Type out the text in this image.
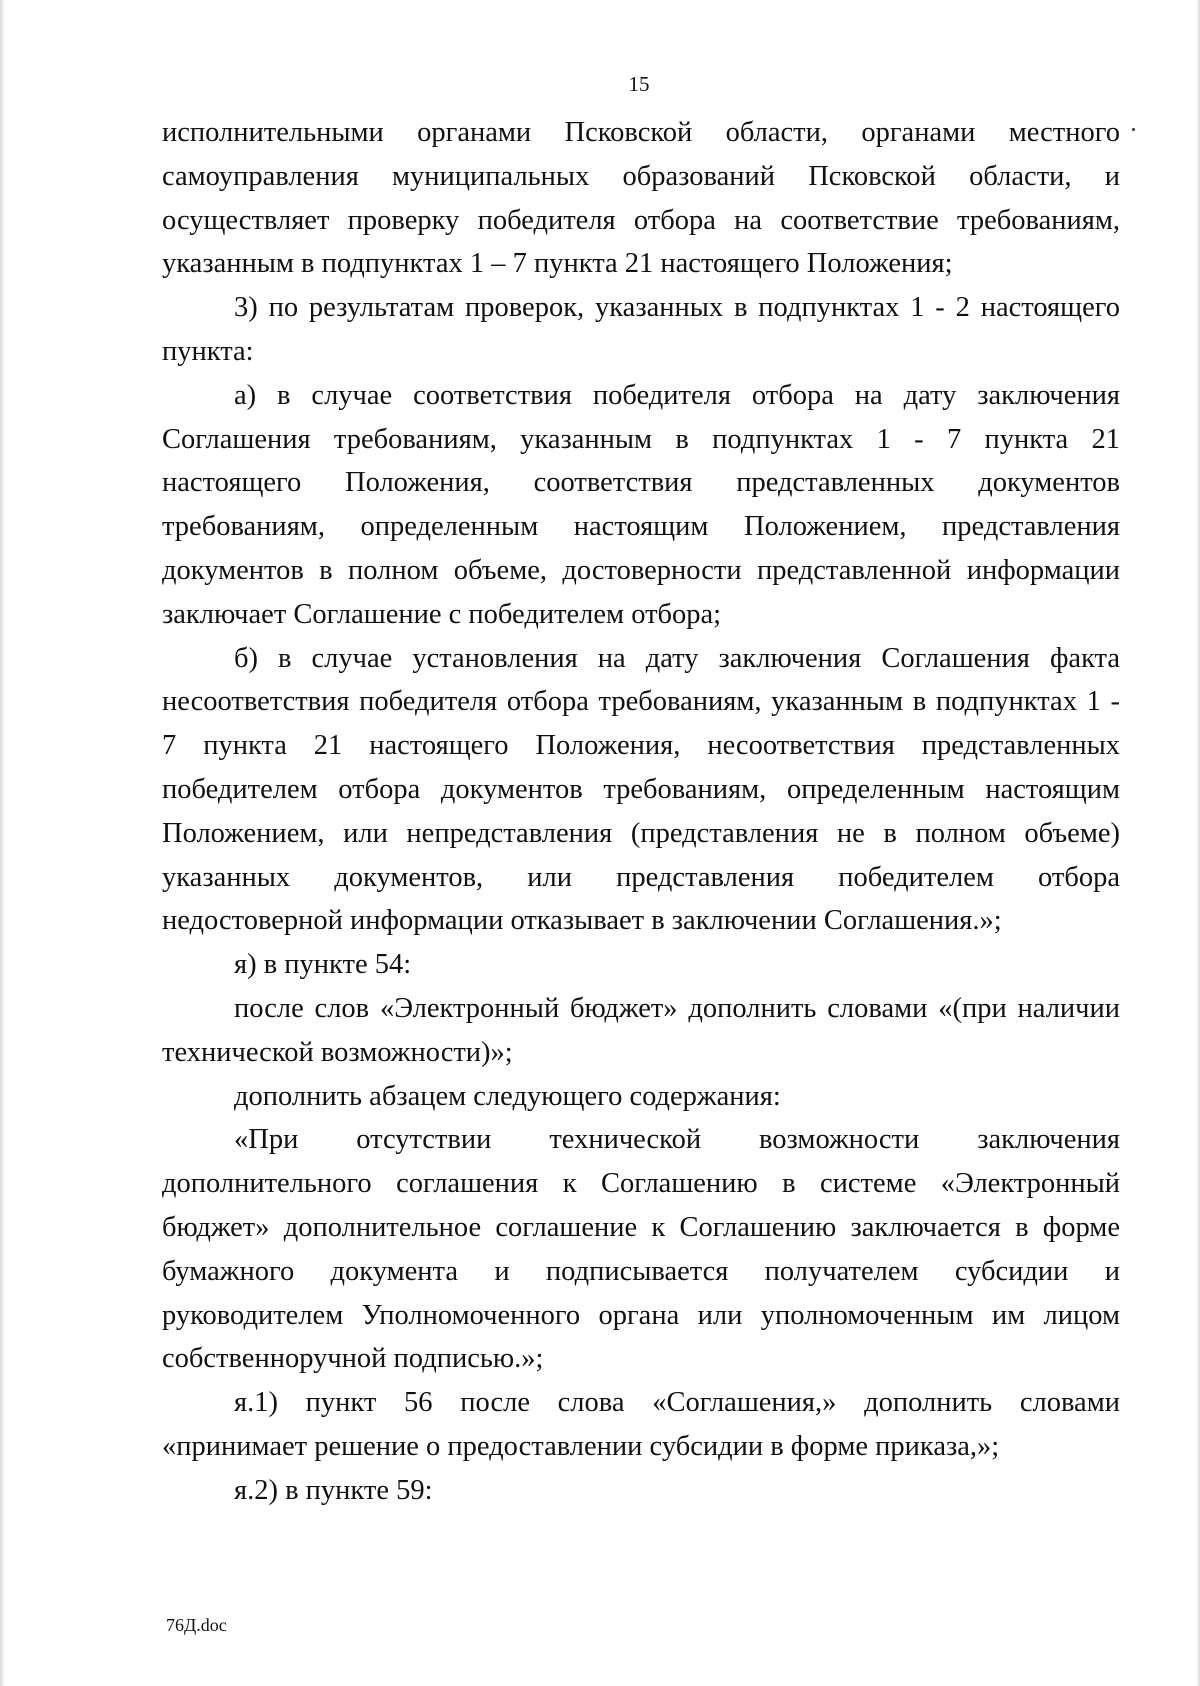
15

исполнительными органами Псковской области, органами местного самоуправления муниципальных образований Псковской области, и осуществляет проверку победителя отбора на соответствие требованиям, указанным в подпунктах 1 – 7 пункта 21 настоящего Положения;

3) по результатам проверок, указанных в подпунктах 1 - 2 настоящего пункта:

а) в случае соответствия победителя отбора на дату заключения Соглашения требованиям, указанным в подпунктах 1 - 7 пункта 21 настоящего Положения, соответствия представленных документов требованиям, определенным настоящим Положением, представления документов в полном объеме, достоверности представленной информации заключает Соглашение с победителем отбора;

б) в случае установления на дату заключения Соглашения факта несоответствия победителя отбора требованиям, указанным в подпунктах 1 - 7 пункта 21 настоящего Положения, несоответствия представленных победителем отбора документов требованиям, определенным настоящим Положением, или непредставления (представления не в полном объеме) указанных документов, или представления победителем отбора недостоверной информации отказывает в заключении Соглашения.»;

я) в пункте 54:

после слов «Электронный бюджет» дополнить словами «(при наличии технической возможности)»;

дополнить абзацем следующего содержания:

«При отсутствии технической возможности заключения дополнительного соглашения к Соглашению в системе «Электронный бюджет» дополнительное соглашение к Соглашению заключается в форме бумажного документа и подписывается получателем субсидии и руководителем Уполномоченного органа или уполномоченным им лицом собственноручной подписью.»;

я.1) пункт 56 после слова «Соглашения,» дополнить словами «принимает решение о предоставлении субсидии в форме приказа,»;

я.2) в пункте 59:

76Д.doc
